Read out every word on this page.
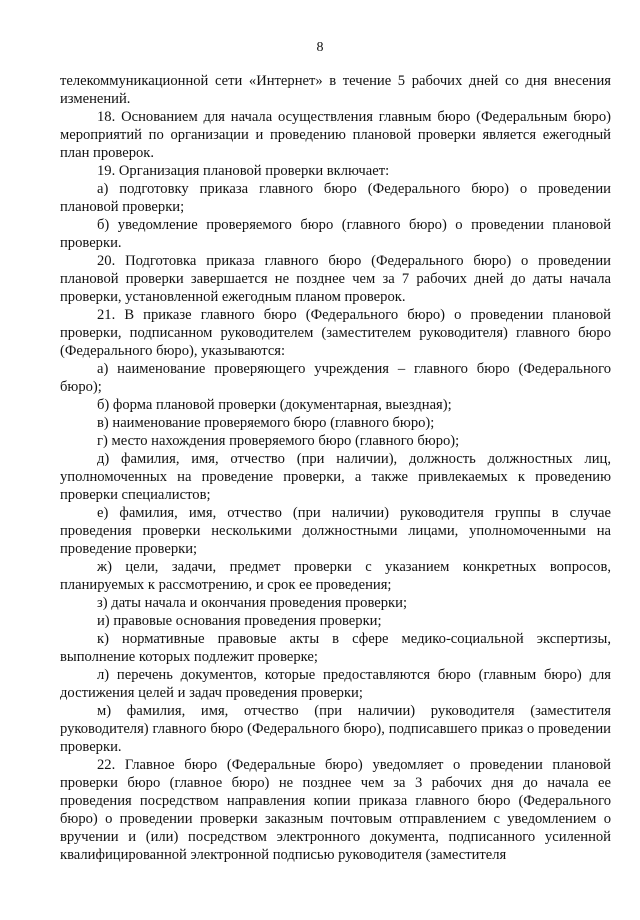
8

телекоммуникационной сети «Интернет» в течение 5 рабочих дней со дня внесения изменений.

18. Основанием для начала осуществления главным бюро (Федеральным бюро) мероприятий по организации и проведению плановой проверки является ежегодный план проверок.

19. Организация плановой проверки включает:

а) подготовку приказа главного бюро (Федерального бюро) о проведении плановой проверки;

б) уведомление проверяемого бюро (главного бюро) о проведении плановой проверки.

20. Подготовка приказа главного бюро (Федерального бюро) о проведении плановой проверки завершается не позднее чем за 7 рабочих дней до даты начала проверки, установленной ежегодным планом проверок.

21. В приказе главного бюро (Федерального бюро) о проведении плановой проверки, подписанном руководителем (заместителем руководителя) главного бюро (Федерального бюро), указываются:

а) наименование проверяющего учреждения – главного бюро (Федерального бюро);

б) форма плановой проверки (документарная, выездная);

в) наименование проверяемого бюро (главного бюро);

г) место нахождения проверяемого бюро (главного бюро);

д) фамилия, имя, отчество (при наличии), должность должностных лиц, уполномоченных на проведение проверки, а также привлекаемых к проведению проверки специалистов;

е) фамилия, имя, отчество (при наличии) руководителя группы в случае проведения проверки несколькими должностными лицами, уполномоченными на проведение проверки;

ж) цели, задачи, предмет проверки с указанием конкретных вопросов, планируемых к рассмотрению, и срок ее проведения;

з) даты начала и окончания проведения проверки;

и) правовые основания проведения проверки;

к) нормативные правовые акты в сфере медико-социальной экспертизы, выполнение которых подлежит проверке;

л) перечень документов, которые предоставляются бюро (главным бюро) для достижения целей и задач проведения проверки;

м) фамилия, имя, отчество (при наличии) руководителя (заместителя руководителя) главного бюро (Федерального бюро), подписавшего приказ о проведении проверки.

22. Главное бюро (Федеральные бюро) уведомляет о проведении плановой проверки бюро (главное бюро) не позднее чем за 3 рабочих дня до начала ее проведения посредством направления копии приказа главного бюро (Федерального бюро) о проведении проверки заказным почтовым отправлением с уведомлением о вручении и (или) посредством электронного документа, подписанного усиленной квалифицированной электронной подписью руководителя (заместителя
